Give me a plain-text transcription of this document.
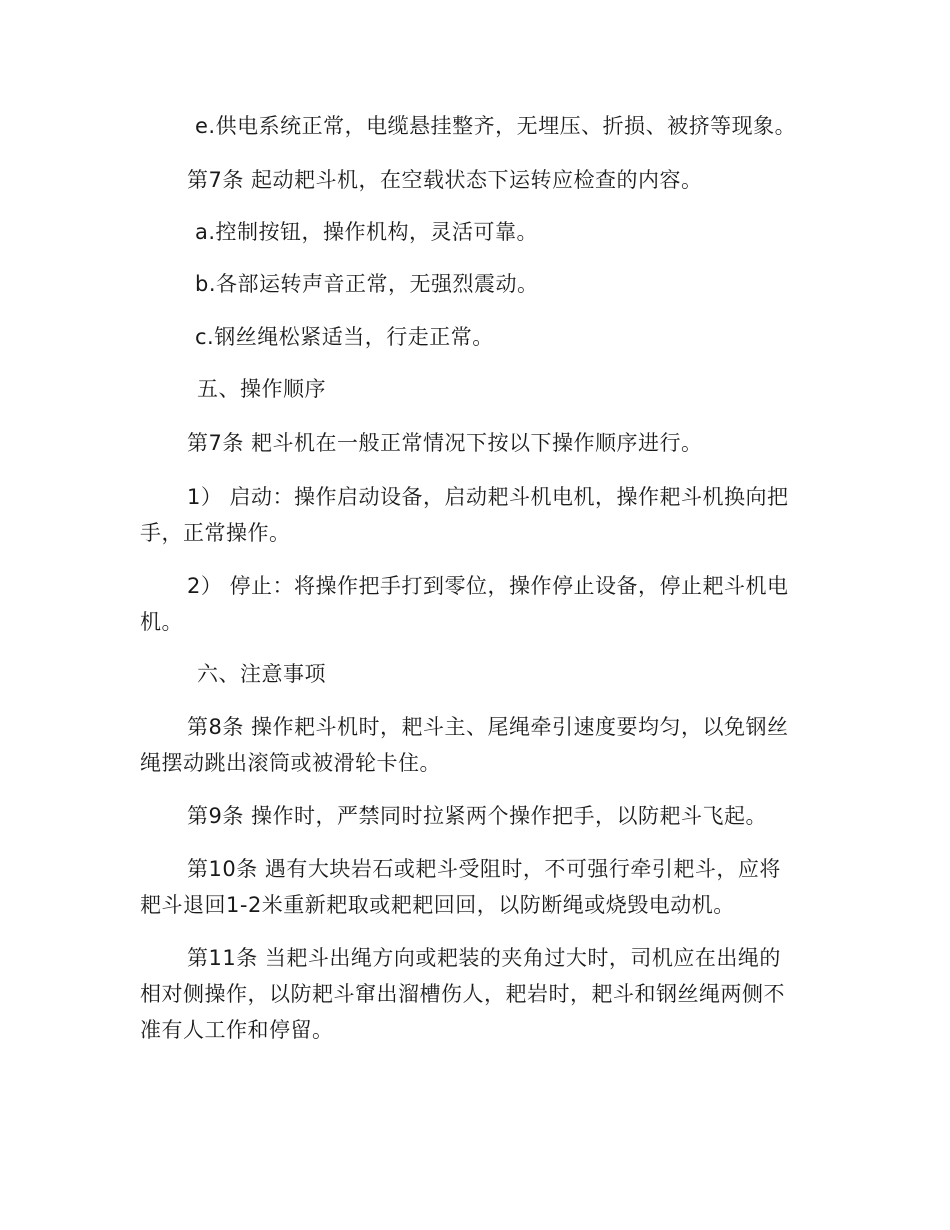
e.供电系统正常，电缆悬挂整齐，无埋压、折损、被挤等现象。
第7条 起动耙斗机，在空载状态下运转应检查的内容。
a.控制按钮，操作机构，灵活可靠。
b.各部运转声音正常，无强烈震动。
c.钢丝绳松紧适当，行走正常。
五、操作顺序
第7条 耙斗机在一般正常情况下按以下操作顺序进行。
1） 启动：操作启动设备，启动耙斗机电机，操作耙斗机换向把
手，正常操作。
2） 停止：将操作把手打到零位，操作停止设备，停止耙斗机电
机。
六、注意事项
第8条 操作耙斗机时，耙斗主、尾绳牵引速度要均匀，以免钢丝
绳摆动跳出滚筒或被滑轮卡住。
第9条 操作时，严禁同时拉紧两个操作把手，以防耙斗飞起。
第10条 遇有大块岩石或耙斗受阻时，不可强行牵引耙斗，应将
耙斗退回1-2米重新耙取或耙耙回回，以防断绳或烧毁电动机。
第11条 当耙斗出绳方向或耙装的夹角过大时，司机应在出绳的
相对侧操作，以防耙斗窜出溜槽伤人，耙岩时，耙斗和钢丝绳两侧不
准有人工作和停留。
